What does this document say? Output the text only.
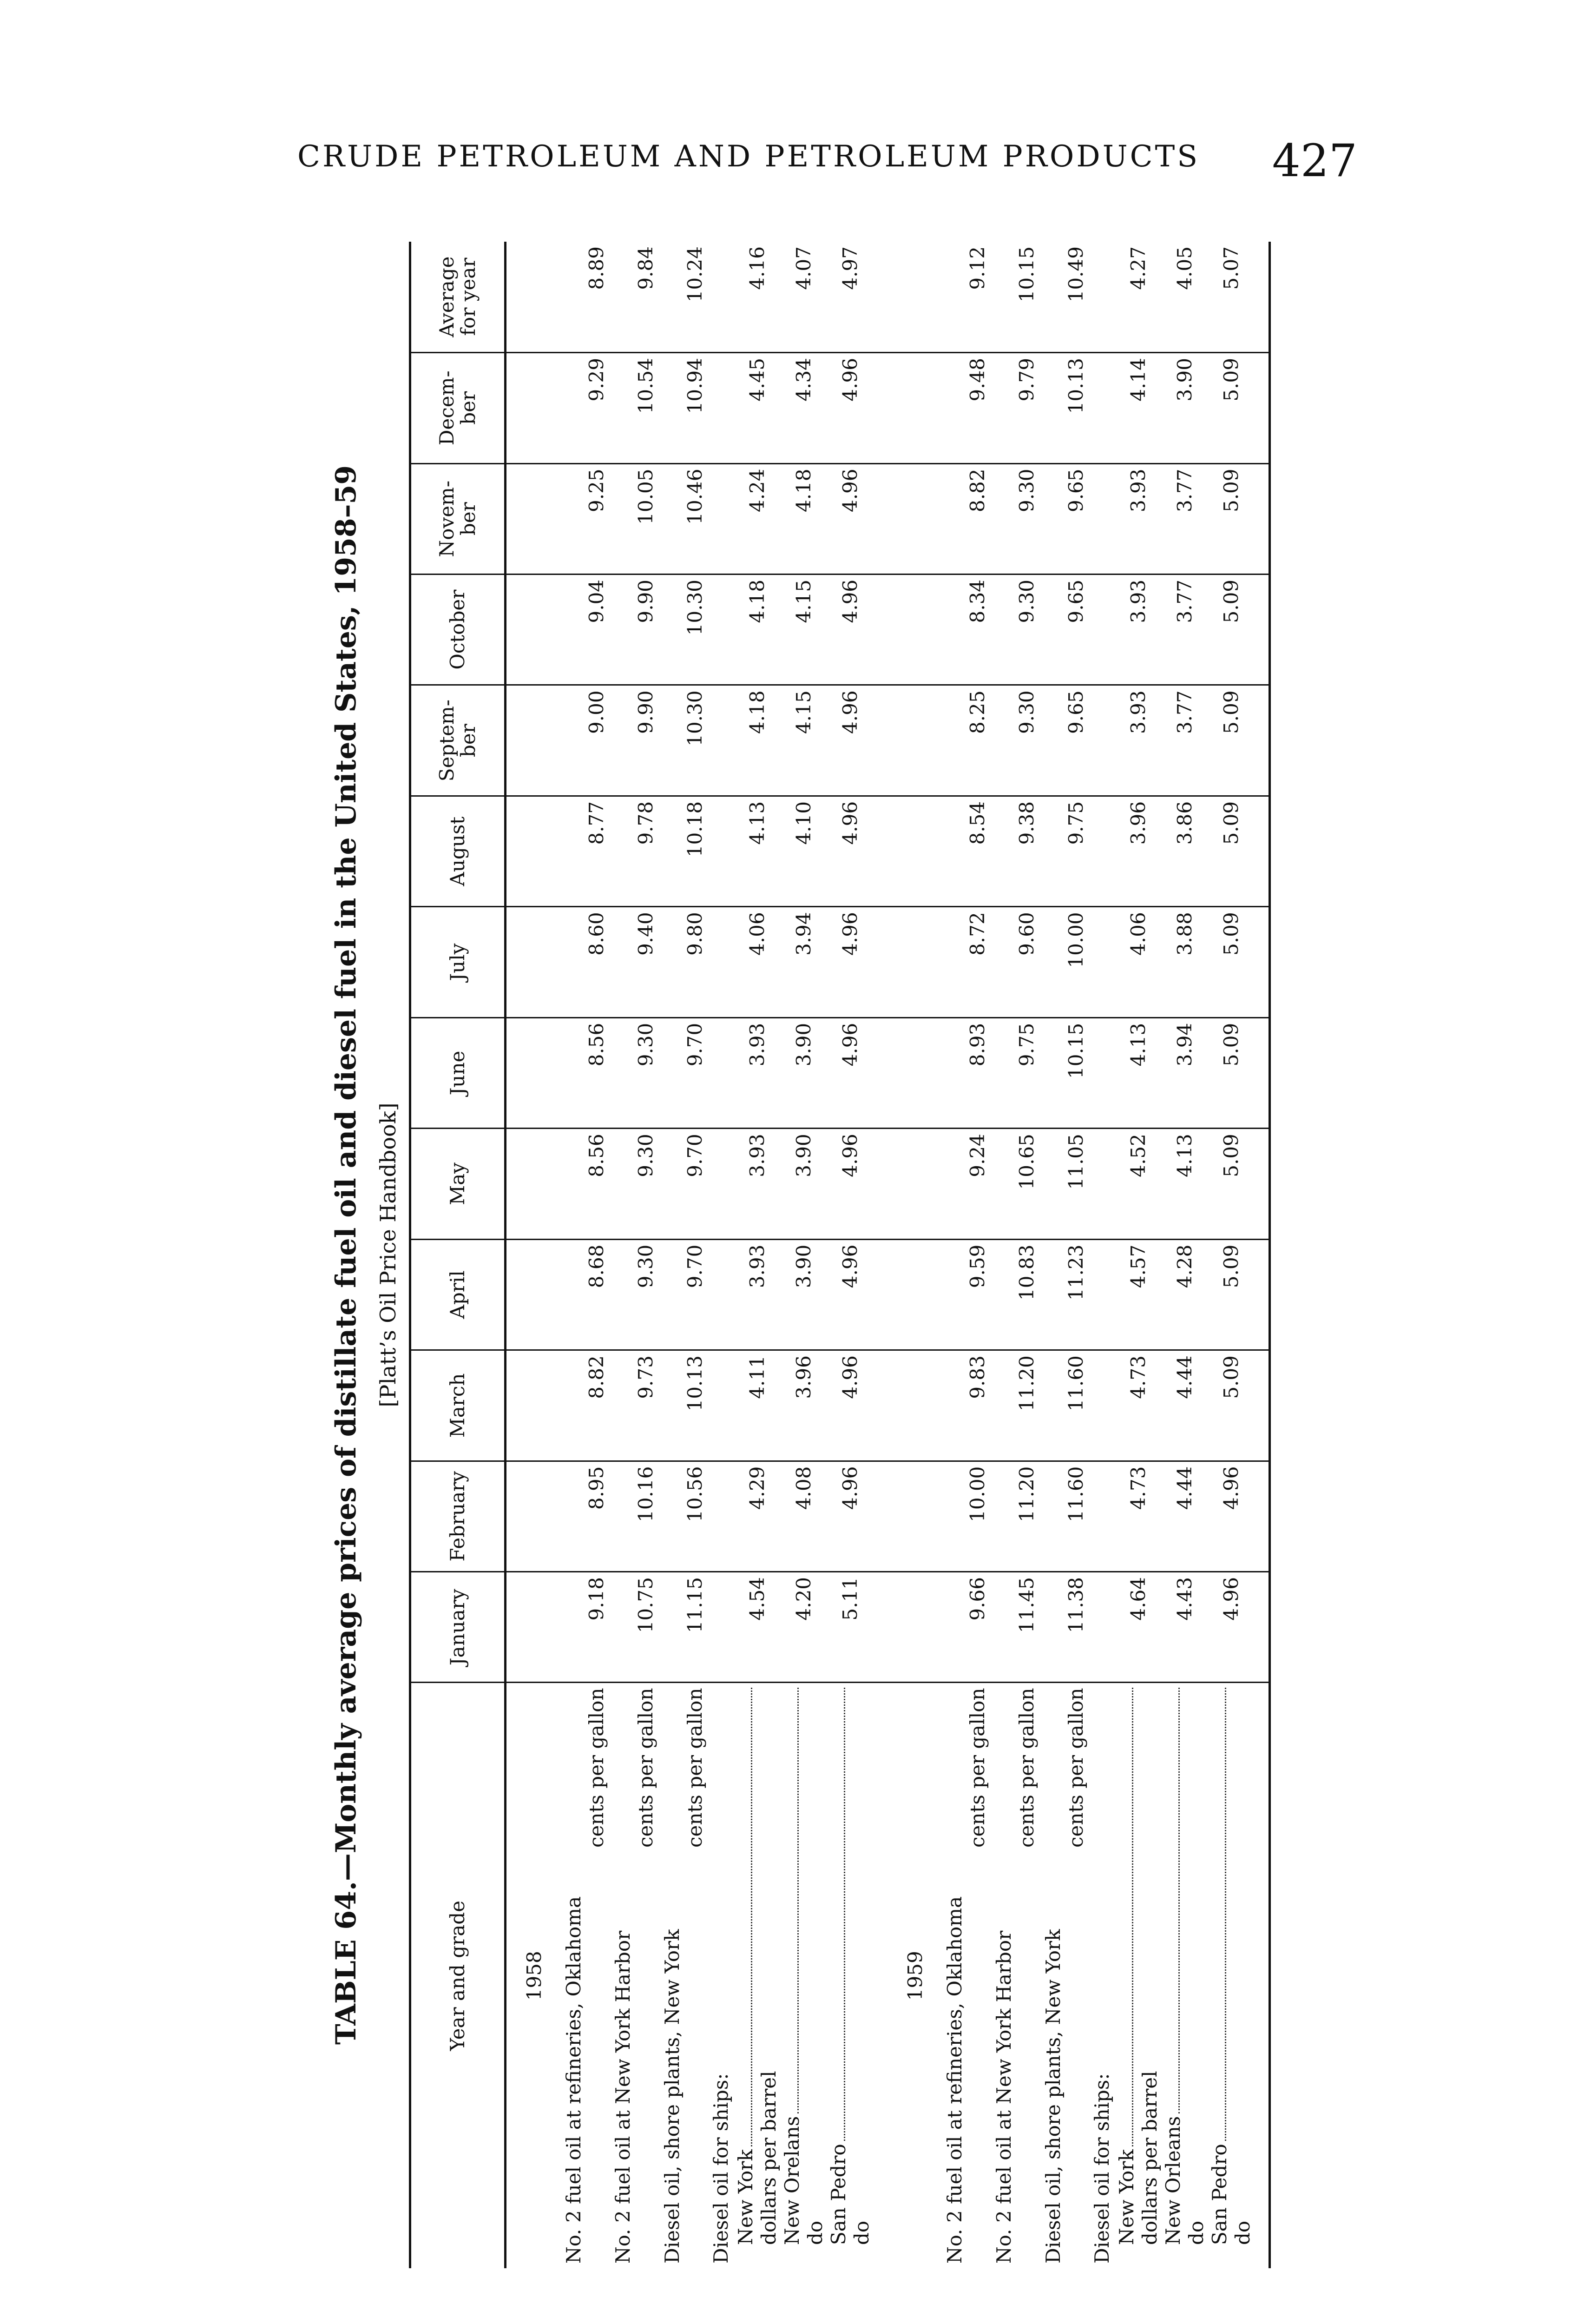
CRUDE PETROLEUM AND PETROLEUM PRODUCTS 427
TABLE 64.—Monthly average prices of distillate fuel oil and diesel fuel in the United States, 1958–59 [Platt’s Oil Price Handbook]
Year and grade	January	February	March	April	May	June	July	August	Septem-ber	October	Novem-ber	Decem-ber	Average for year
1958													

No. 2 fuel oil at refineries, Oklahoma
cents per gallon	9.18	8.95	8.82	8.68	8.56	8.56	8.60	8.77	9.00	9.04	9.25	9.29	8.89

No. 2 fuel oil at New York Harbor
cents per gallon	10.75	10.16	9.73	9.30	9.30	9.30	9.40	9.78	9.90	9.90	10.05	10.54	9.84

Diesel oil, shore plants, New York
cents per gallon	11.15	10.56	10.13	9.70	9.70	9.70	9.80	10.18	10.30	10.30	10.46	10.94	10.24
Diesel oil for ships:													

New York dollars per barrel	4.54	4.29	4.11	3.93	3.93	3.93	4.06	4.13	4.18	4.18	4.24	4.45	4.16

New Orelans do	4.20	4.08	3.96	3.90	3.90	3.90	3.94	4.10	4.15	4.15	4.18	4.34	4.07

San Pedro do	5.11	4.96	4.96	4.96	4.96	4.96	4.96	4.96	4.96	4.96	4.96	4.96	4.97

1959													

No. 2 fuel oil at refineries, Oklahoma
cents per gallon	9.66	10.00	9.83	9.59	9.24	8.93	8.72	8.54	8.25	8.34	8.82	9.48	9.12

No. 2 fuel oil at New York Harbor
cents per gallon	11.45	11.20	11.20	10.83	10.65	9.75	9.60	9.38	9.30	9.30	9.30	9.79	10.15

Diesel oil, shore plants, New York
cents per gallon	11.38	11.60	11.60	11.23	11.05	10.15	10.00	9.75	9.65	9.65	9.65	10.13	10.49
Diesel oil for ships:													

New York dollars per barrel	4.64	4.73	4.73	4.57	4.52	4.13	4.06	3.96	3.93	3.93	3.93	4.14	4.27

New Orleans do	4.43	4.44	4.44	4.28	4.13	3.94	3.88	3.86	3.77	3.77	3.77	3.90	4.05

San Pedro do	4.96	4.96	5.09	5.09	5.09	5.09	5.09	5.09	5.09	5.09	5.09	5.09	5.07
